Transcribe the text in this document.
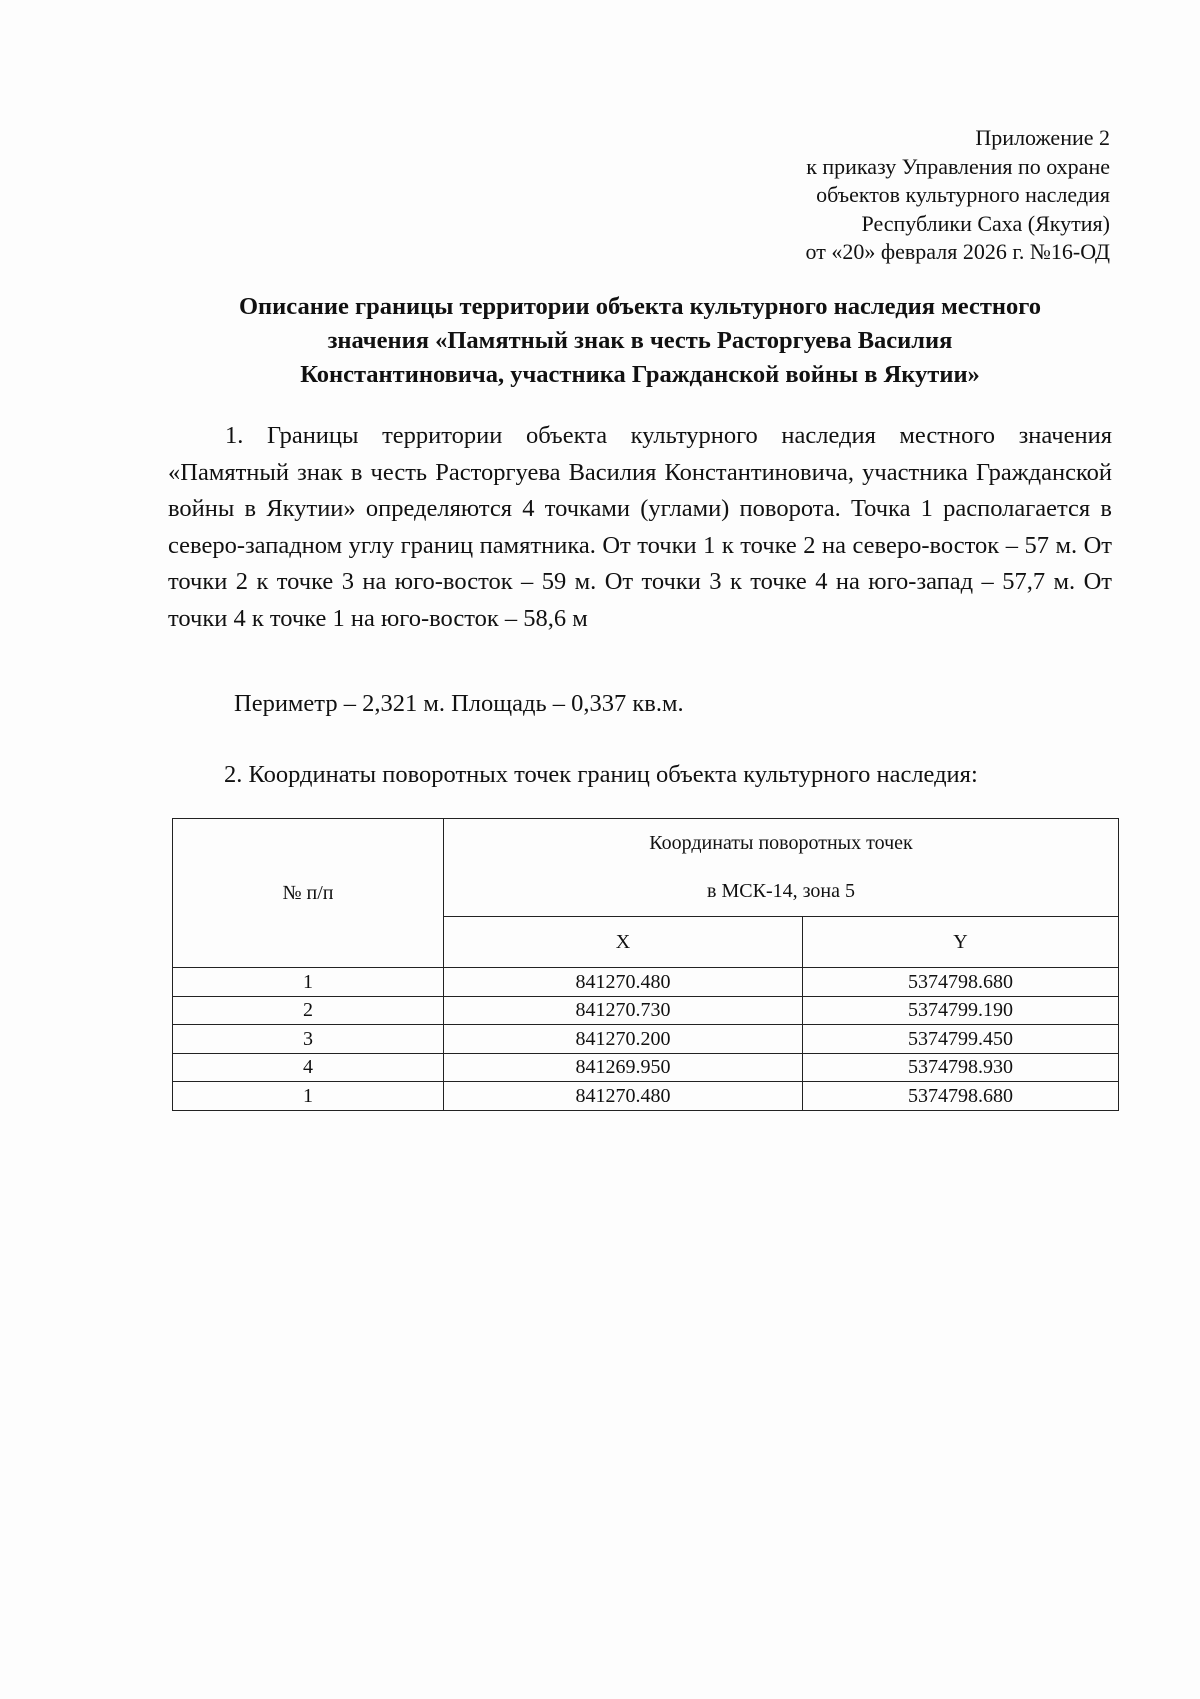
Приложение 2
к приказу Управления по охране
объектов культурного наследия
Республики Саха (Якутия)
от «20» февраля 2026 г. №16-ОД
Описание границы территории объекта культурного наследия местного
значения «Памятный знак в честь Расторгуева Василия
Константиновича, участника Гражданской войны в Якутии»

1. Границы территории объекта культурного наследия местного значения «Памятный знак в честь Расторгуева Василия Константиновича, участника Гражданской войны в Якутии» определяются 4 точками (углами) поворота. Точка 1 располагается в северо-западном углу границ памятника. От точки 1 к точке 2 на северо-восток – 57 м. От точки 2 к точке 3 на юго-восток – 59 м. От точки 3 к точке 4 на юго-запад – 57,7 м. От точки 4 к точке 1 на юго-восток – 58,6 м

Периметр – 2,321 м. Площадь – 0,337 кв.м.

2. Координаты поворотных точек границ объекта культурного наследия:

№ п/п	Координаты поворотных точек
в МСК-14, зона 5	

	X	Y
1	841270.480	5374798.680
2	841270.730	5374799.190
3	841270.200	5374799.450
4	841269.950	5374798.930
1	841270.480	5374798.680
